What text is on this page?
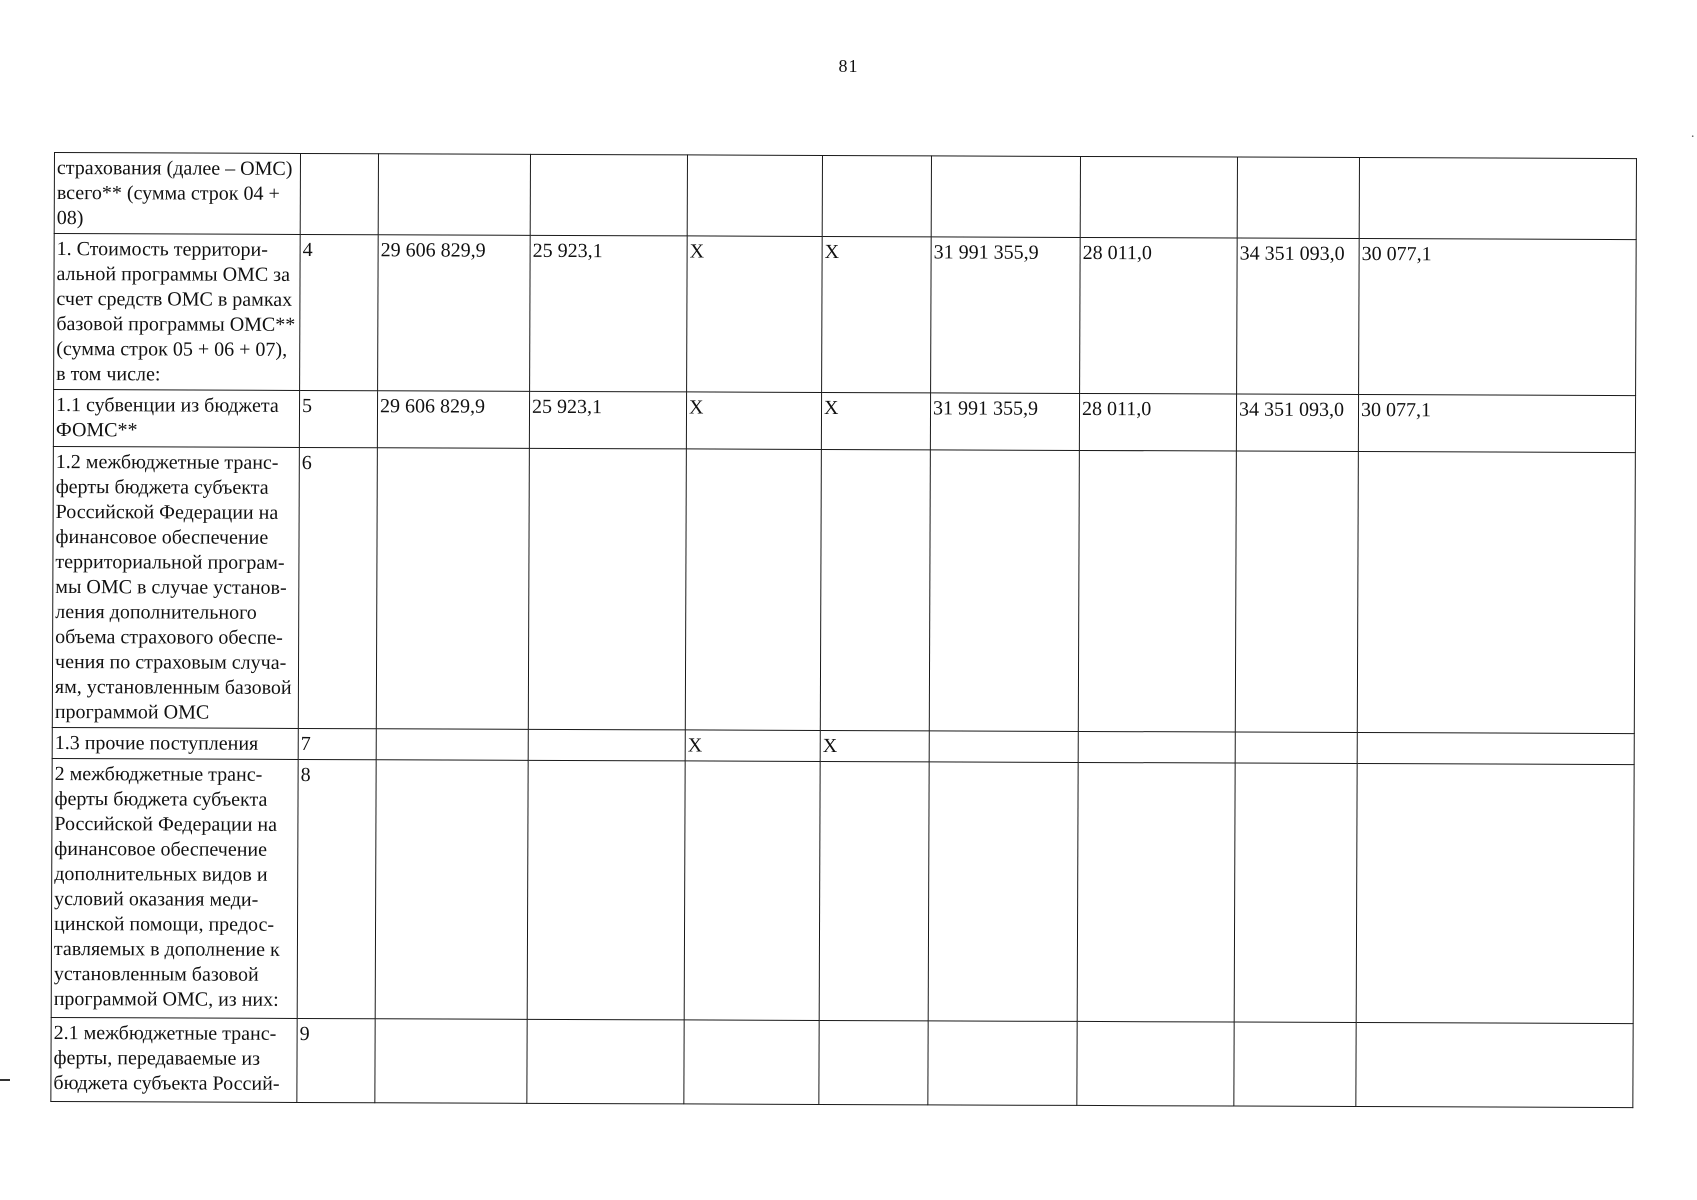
81
·
страхования (далее – ОМС) всего** (сумма строк 04 + 08)									
1. Стоимость территори-альной программы ОМС за счет средств ОМС в рамках базовой программы ОМС** (сумма строк 05 + 06 + 07), в том числе:	4	29 606 829,9	25 923,1	X	X	31 991 355,9	28 011,0	34 351 093,0	30 077,1
1.1 субвенции из бюджета ФОМС**	5	29 606 829,9	25 923,1	X	X	31 991 355,9	28 011,0	34 351 093,0	30 077,1
1.2 межбюджетные транс-ферты бюджета субъекта Российской Федерации на финансовое обеспечение территориальной програм-мы ОМС в случае установ-ления дополнительного объема страхового обеспе-чения по страховым случа-ям, установленным базовой программой ОМС	6								
1.3 прочие поступления	7			X	X				
2 межбюджетные транс-ферты бюджета субъекта Российской Федерации на финансовое обеспечение дополнительных видов и условий оказания меди-цинской помощи, предос-тавляемых в дополнение к установленным базовой программой ОМС, из них:	8								
2.1 межбюджетные транс-ферты, передаваемые из бюджета субъекта Россий-	9								
